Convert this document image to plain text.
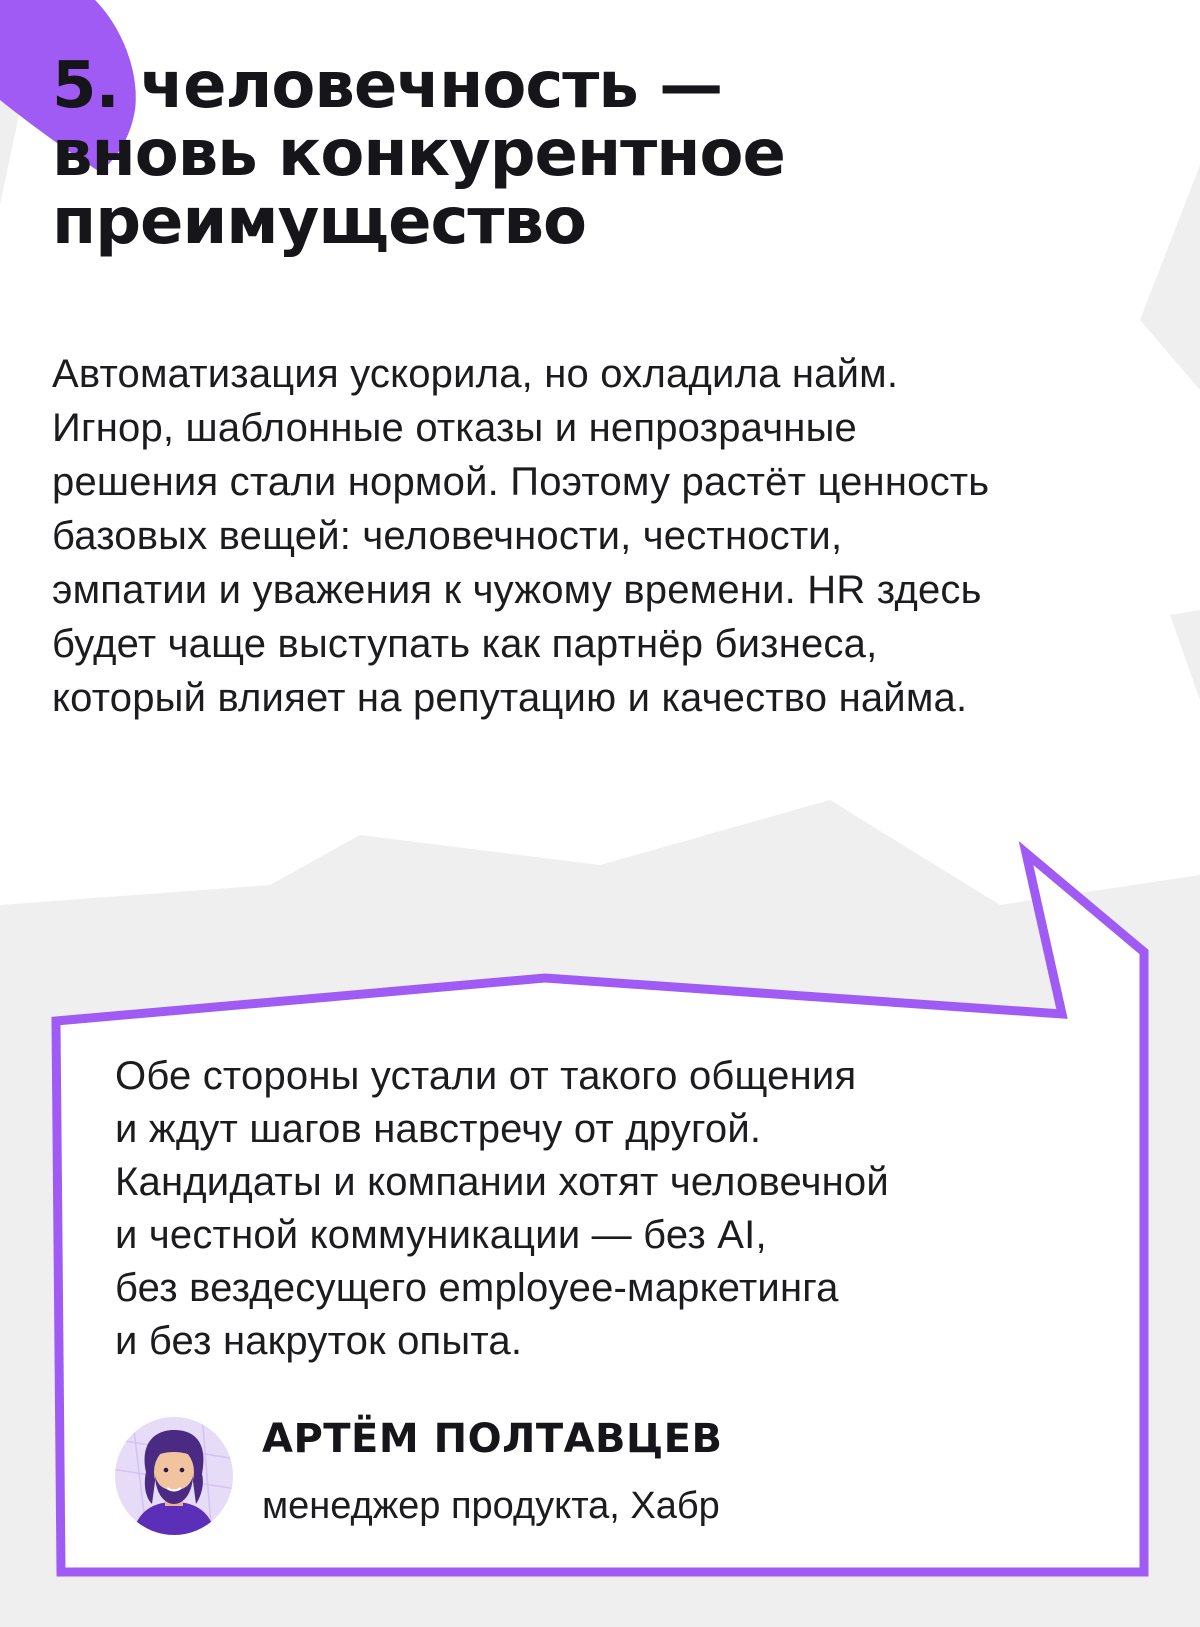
5. человечность —
вновь конкурентное
преимущество

Автоматизация ускорила, но охладила найм.
Игнор, шаблонные отказы и непрозрачные
решения стали нормой. Поэтому растёт ценность
базовых вещей: человечности, честности,
эмпатии и уважения к чужому времени. HR здесь
будет чаще выступать как партнёр бизнеса,
который влияет на репутацию и качество найма.

Обе стороны устали от такого общения
и ждут шагов навстречу от другой.
Кандидаты и компании хотят человечной
и честной коммуникации — без AI,
без вездесущего employee-маркетинга
и без накруток опыта.

АРТЁМ ПОЛТАВЦЕВ
менеджер продукта, Хабр
